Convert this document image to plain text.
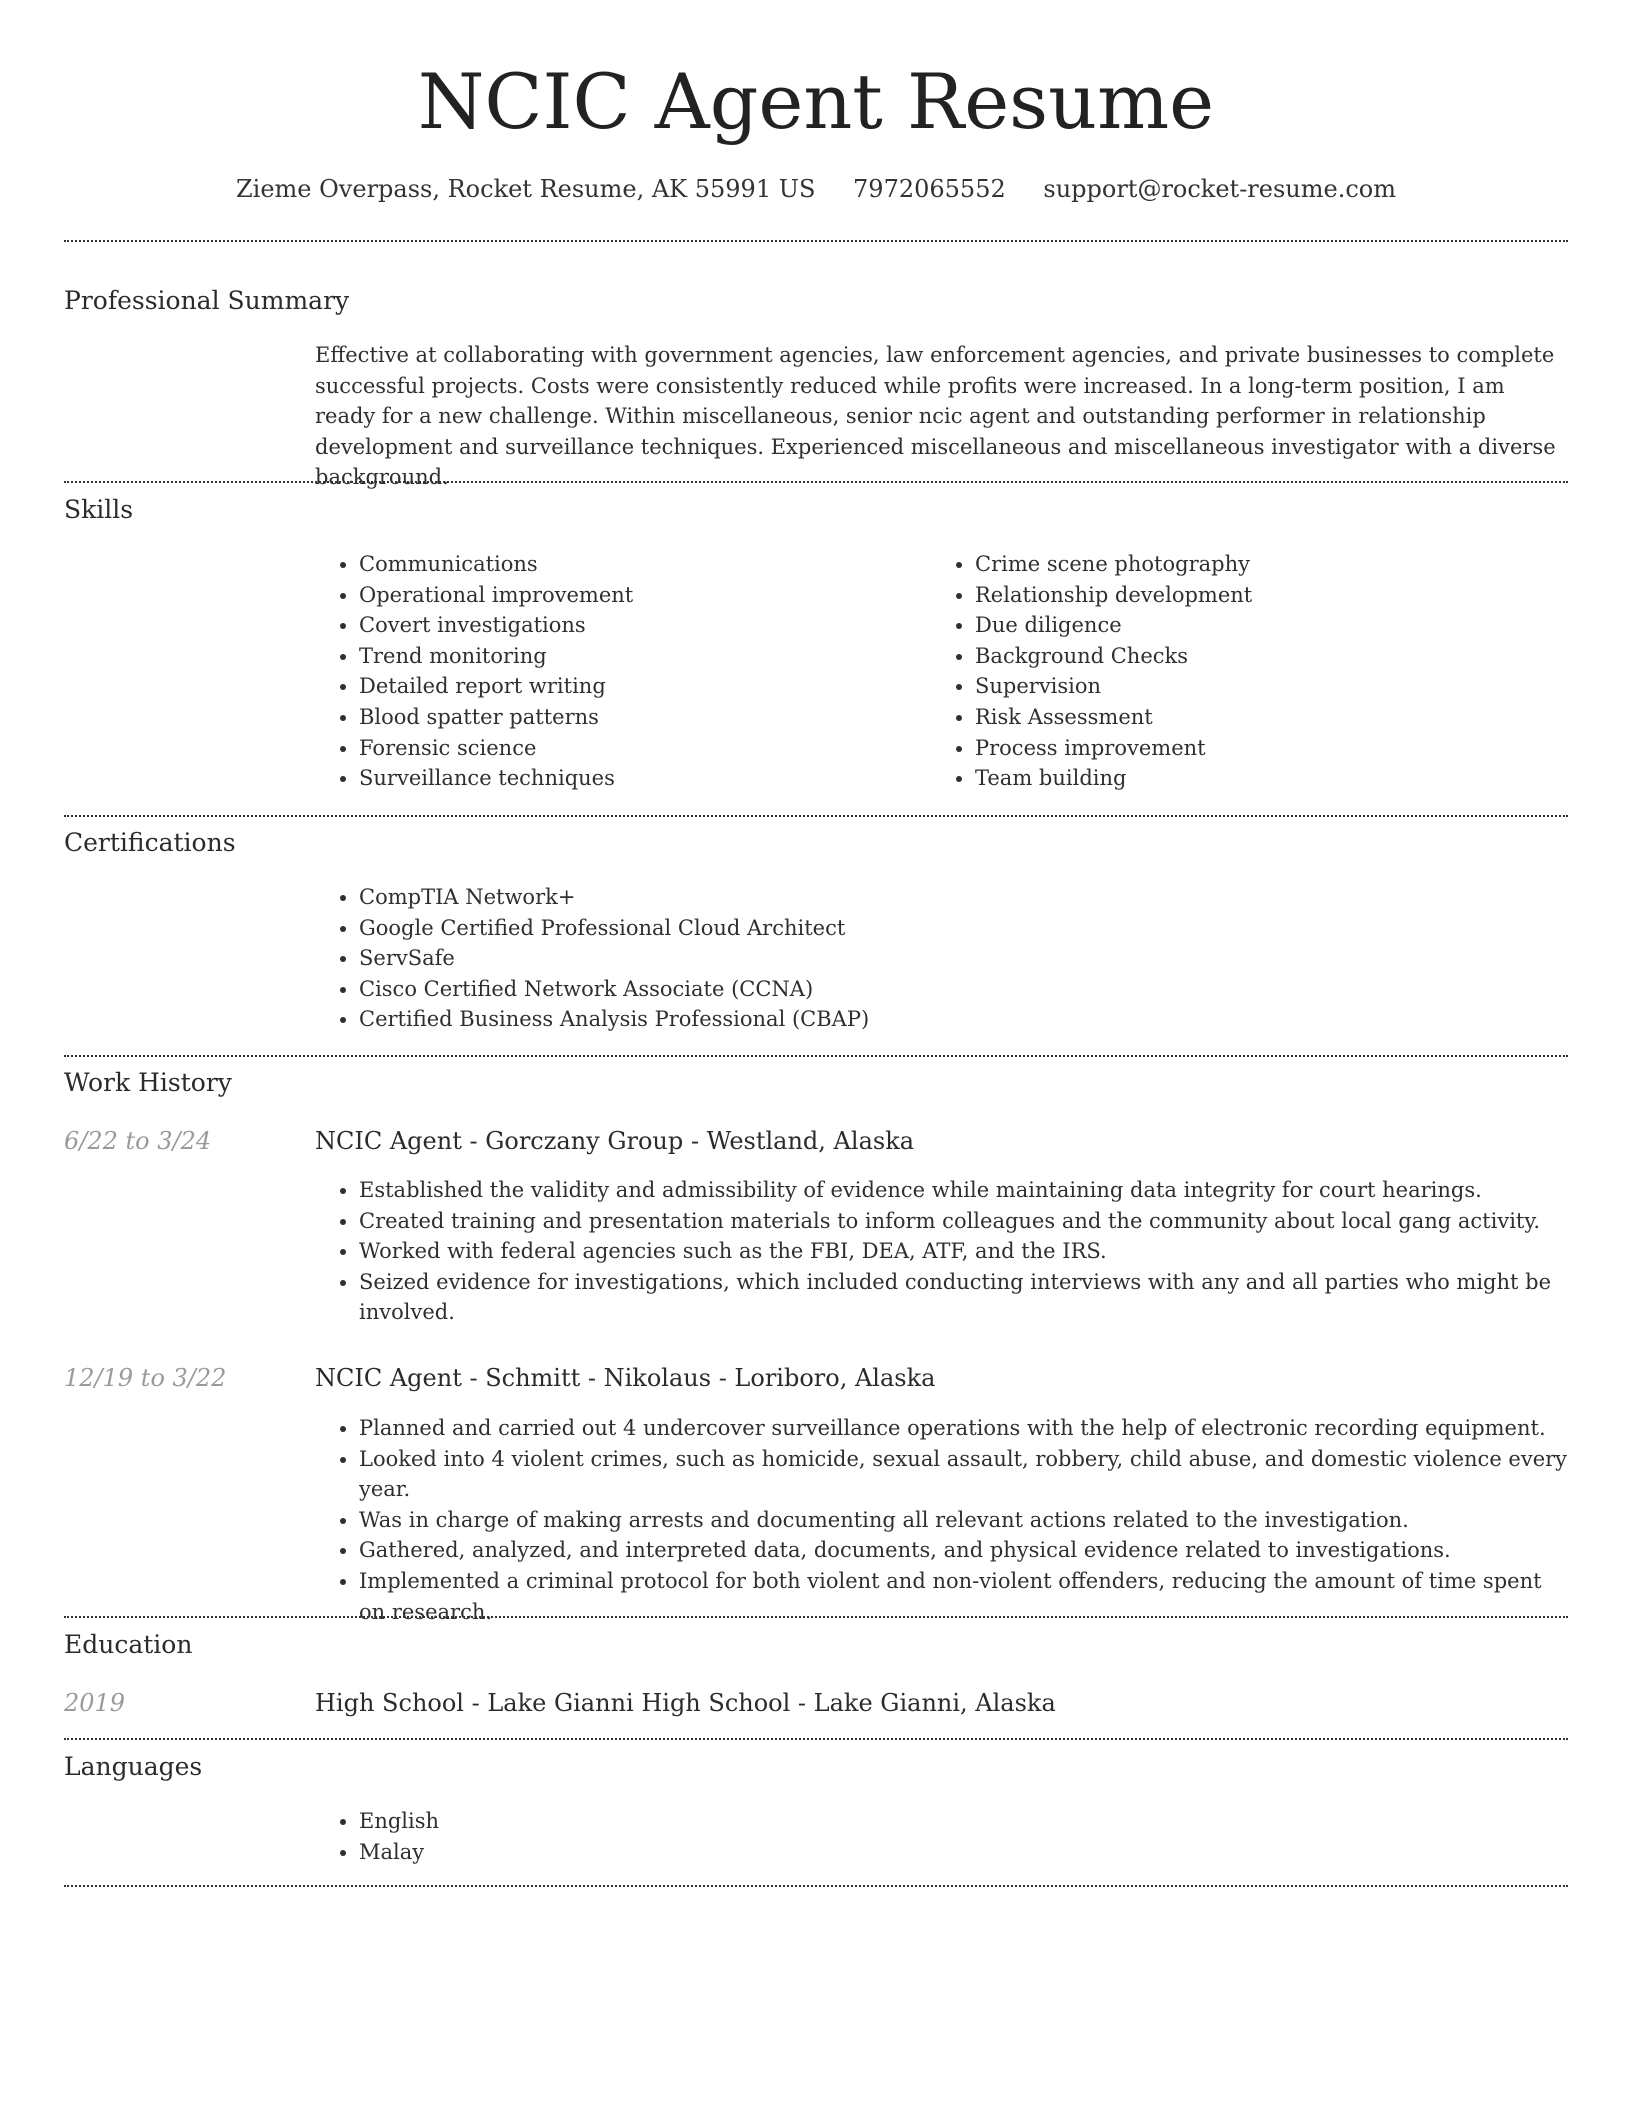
NCIC Agent Resume
Zieme Overpass, Rocket Resume, AK 55991 US 7972065552 support@rocket-resume.com
Professional Summary

Effective at collaborating with government agencies, law enforcement agencies, and private businesses to complete successful projects. Costs were consistently reduced while profits were increased. In a long-term position, I am ready for a new challenge. Within miscellaneous, senior ncic agent and outstanding performer in relationship development and surveillance techniques. Experienced miscellaneous and miscellaneous investigator with a diverse background.

Skills
• Communications
• Operational improvement
• Covert investigations
• Trend monitoring
• Detailed report writing
• Blood spatter patterns
• Forensic science
• Surveillance techniques
• Crime scene photography
• Relationship development
• Due diligence
• Background Checks
• Supervision
• Risk Assessment
• Process improvement
• Team building
Certifications
• CompTIA Network+
• Google Certified Professional Cloud Architect
• ServSafe
• Cisco Certified Network Associate (CCNA)
• Certified Business Analysis Professional (CBAP)
Work History
6/22 to 3/24	NCIC Agent - Gorczany Group - Westland, Alaska
• Established the validity and admissibility of evidence while maintaining data integrity for court hearings.
• Created training and presentation materials to inform colleagues and the community about local gang activity.
• Worked with federal agencies such as the FBI, DEA, ATF, and the IRS.
• Seized evidence for investigations, which included conducting interviews with any and all parties who might be involved.
12/19 to 3/22	NCIC Agent - Schmitt - Nikolaus - Loriboro, Alaska
• Planned and carried out 4 undercover surveillance operations with the help of electronic recording equipment.
• Looked into 4 violent crimes, such as homicide, sexual assault, robbery, child abuse, and domestic violence every year.
• Was in charge of making arrests and documenting all relevant actions related to the investigation.
• Gathered, analyzed, and interpreted data, documents, and physical evidence related to investigations.
• Implemented a criminal protocol for both violent and non-violent offenders, reducing the amount of time spent on research.
Education
2019	High School - Lake Gianni High School - Lake Gianni, Alaska
Languages
• English
• Malay
